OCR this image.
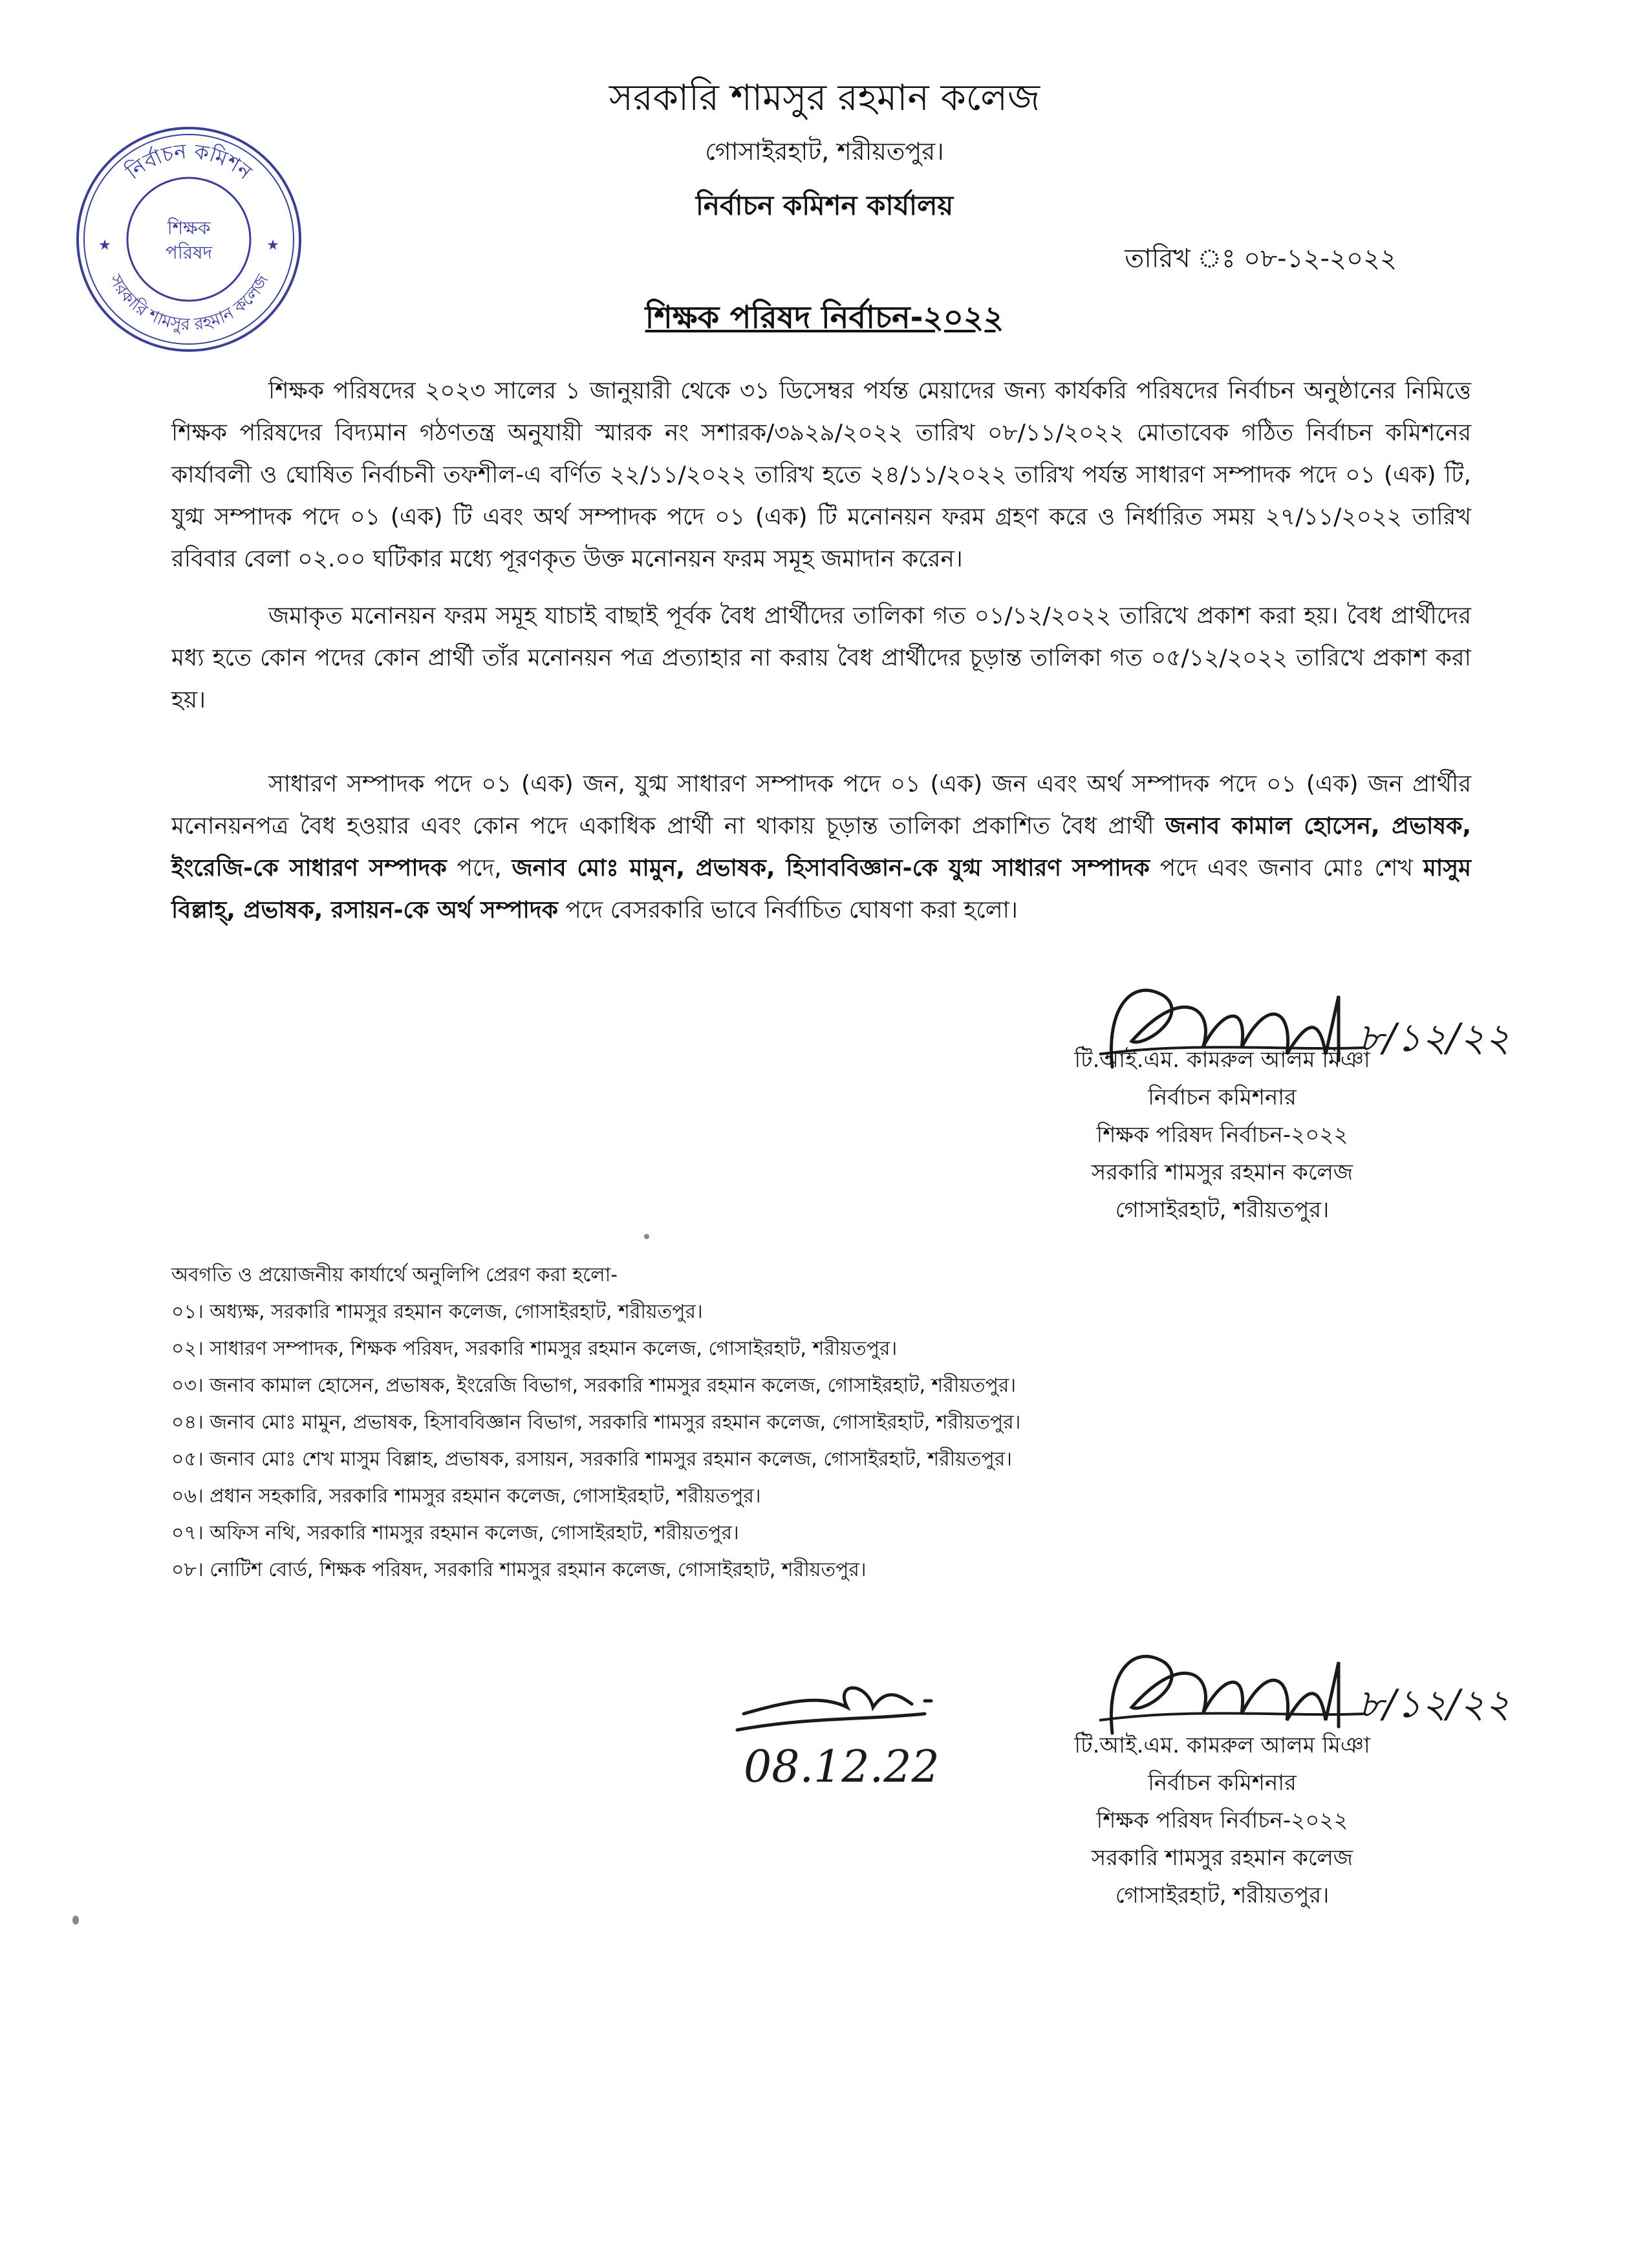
নির্বাচন কমিশন
সরকারি শামসুর রহমান কলেজ
★	★
শিক্ষক
পরিষদ
সরকারি শামসুর রহমান কলেজ
গোসাইরহাট, শরীয়তপুর।
নির্বাচন কমিশন কার্যালয়
তারিখ ঃ ০৮-১২-২০২২
শিক্ষক পরিষদ নির্বাচন-২০২২
শিক্ষক পরিষদের ২০২৩ সালের ১ জানুয়ারী থেকে ৩১ ডিসেম্বর পর্যন্ত মেয়াদের জন্য কার্যকরি পরিষদের নির্বাচন অনুষ্ঠানের নিমিত্তে শিক্ষক পরিষদের বিদ্যমান গঠণতন্ত্র অনুযায়ী স্মারক নং সশারক/৩৯২৯/২০২২ তারিখ ০৮/১১/২০২২ মোতাবেক গঠিত নির্বাচন কমিশনের কার্যাবলী ও ঘোষিত নির্বাচনী তফশীল-এ বর্ণিত ২২/১১/২০২২ তারিখ হতে ২৪/১১/২০২২ তারিখ পর্যন্ত সাধারণ সম্পাদক পদে ০১ (এক) টি, যুগ্ম সম্পাদক পদে ০১ (এক) টি এবং অর্থ সম্পাদক পদে ০১ (এক) টি মনোনয়ন ফরম গ্রহণ করে ও নির্ধারিত সময় ২৭/১১/২০২২ তারিখ রবিবার বেলা ০২.০০ ঘটিকার মধ্যে পূরণকৃত উক্ত মনোনয়ন ফরম সমূহ জমাদান করেন।
জমাকৃত মনোনয়ন ফরম সমূহ যাচাই বাছাই পূর্বক বৈধ প্রার্থীদের তালিকা গত ০১/১২/২০২২ তারিখে প্রকাশ করা হয়। বৈধ প্রার্থীদের মধ্য হতে কোন পদের কোন প্রার্থী তাঁর মনোনয়ন পত্র প্রত্যাহার না করায় বৈধ প্রার্থীদের চূড়ান্ত তালিকা গত ০৫/১২/২০২২ তারিখে প্রকাশ করা হয়।
সাধারণ সম্পাদক পদে ০১ (এক) জন, যুগ্ম সাধারণ সম্পাদক পদে ০১ (এক) জন এবং অর্থ সম্পাদক পদে ০১ (এক) জন প্রার্থীর মনোনয়নপত্র বৈধ হওয়ার এবং কোন পদে একাধিক প্রার্থী না থাকায় চূড়ান্ত তালিকা প্রকাশিত বৈধ প্রার্থী জনাব কামাল হোসেন, প্রভাষক, ইংরেজি-কে সাধারণ সম্পাদক পদে, জনাব মোঃ মামুন, প্রভাষক, হিসাববিজ্ঞান-কে যুগ্ম সাধারণ সম্পাদক পদে এবং জনাব মোঃ শেখ মাসুম বিল্লাহ্, প্রভাষক, রসায়ন-কে অর্থ সম্পাদক পদে বেসরকারি ভাবে নির্বাচিত ঘোষণা করা হলো।
৮/১২/২২
টি.আই.এম. কামরুল আলম মিঞা
নির্বাচন কমিশনার
শিক্ষক পরিষদ নির্বাচন-২০২২
সরকারি শামসুর রহমান কলেজ
গোসাইরহাট, শরীয়তপুর।
অবগতি ও প্রয়োজনীয় কার্যার্থে অনুলিপি প্রেরণ করা হলো-
০১। অধ্যক্ষ, সরকারি শামসুর রহমান কলেজ, গোসাইরহাট, শরীয়তপুর।
০২। সাধারণ সম্পাদক, শিক্ষক পরিষদ, সরকারি শামসুর রহমান কলেজ, গোসাইরহাট, শরীয়তপুর।
০৩। জনাব কামাল হোসেন, প্রভাষক, ইংরেজি বিভাগ, সরকারি শামসুর রহমান কলেজ, গোসাইরহাট, শরীয়তপুর।
০৪। জনাব মোঃ মামুন, প্রভাষক, হিসাববিজ্ঞান বিভাগ, সরকারি শামসুর রহমান কলেজ, গোসাইরহাট, শরীয়তপুর।
০৫। জনাব মোঃ শেখ মাসুম বিল্লাহ, প্রভাষক, রসায়ন, সরকারি শামসুর রহমান কলেজ, গোসাইরহাট, শরীয়তপুর।
০৬। প্রধান সহকারি, সরকারি শামসুর রহমান কলেজ, গোসাইরহাট, শরীয়তপুর।
০৭। অফিস নথি, সরকারি শামসুর রহমান কলেজ, গোসাইরহাট, শরীয়তপুর।
০৮। নোটিশ বোর্ড, শিক্ষক পরিষদ, সরকারি শামসুর রহমান কলেজ, গোসাইরহাট, শরীয়তপুর।
08.12.22
৮/১২/২২
টি.আই.এম. কামরুল আলম মিঞা
নির্বাচন কমিশনার
শিক্ষক পরিষদ নির্বাচন-২০২২
সরকারি শামসুর রহমান কলেজ
গোসাইরহাট, শরীয়তপুর।
